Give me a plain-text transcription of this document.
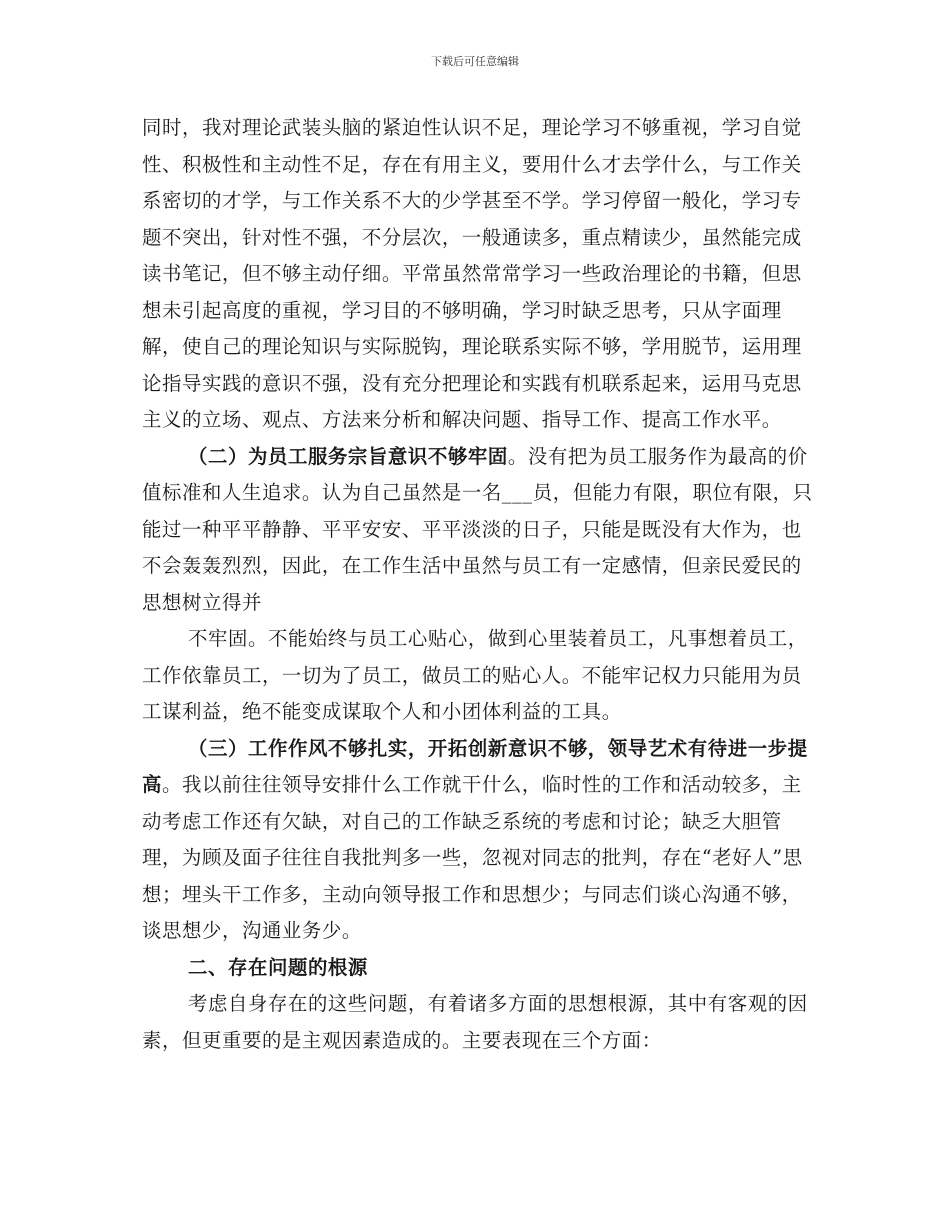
下载后可任意编辑

同时，我对理论武装头脑的紧迫性认识不足，理论学习不够重视，学习自觉性、积极性和主动性不足，存在有用主义，要用什么才去学什么，与工作关系密切的才学，与工作关系不大的少学甚至不学。学习停留一般化，学习专题不突出，针对性不强，不分层次，一般通读多，重点精读少，虽然能完成读书笔记，但不够主动仔细。平常虽然常常学习一些政治理论的书籍，但思想未引起高度的重视，学习目的不够明确，学习时缺乏思考，只从字面理解，使自己的理论知识与实际脱钩，理论联系实际不够，学用脱节，运用理论指导实践的意识不强，没有充分把理论和实践有机联系起来，运用马克思主义的立场、观点、方法来分析和解决问题、指导工作、提高工作水平。

（二）为员工服务宗旨意识不够牢固。没有把为员工服务作为最高的价值标准和人生追求。认为自己虽然是一名___员，但能力有限，职位有限，只能过一种平平静静、平平安安、平平淡淡的日子，只能是既没有大作为，也不会轰轰烈烈，因此，在工作生活中虽然与员工有一定感情，但亲民爱民的思想树立得并

不牢固。不能始终与员工心贴心，做到心里装着员工，凡事想着员工，工作依靠员工，一切为了员工，做员工的贴心人。不能牢记权力只能用为员工谋利益，绝不能变成谋取个人和小团体利益的工具。

（三）工作作风不够扎实，开拓创新意识不够，领导艺术有待进一步提高。我以前往往领导安排什么工作就干什么，临时性的工作和活动较多，主动考虑工作还有欠缺，对自己的工作缺乏系统的考虑和讨论；缺乏大胆管理，为顾及面子往往自我批判多一些，忽视对同志的批判，存在“老好人”思想；埋头干工作多，主动向领导报工作和思想少；与同志们谈心沟通不够，谈思想少，沟通业务少。

二、存在问题的根源

考虑自身存在的这些问题，有着诸多方面的思想根源，其中有客观的因素，但更重要的是主观因素造成的。主要表现在三个方面：
